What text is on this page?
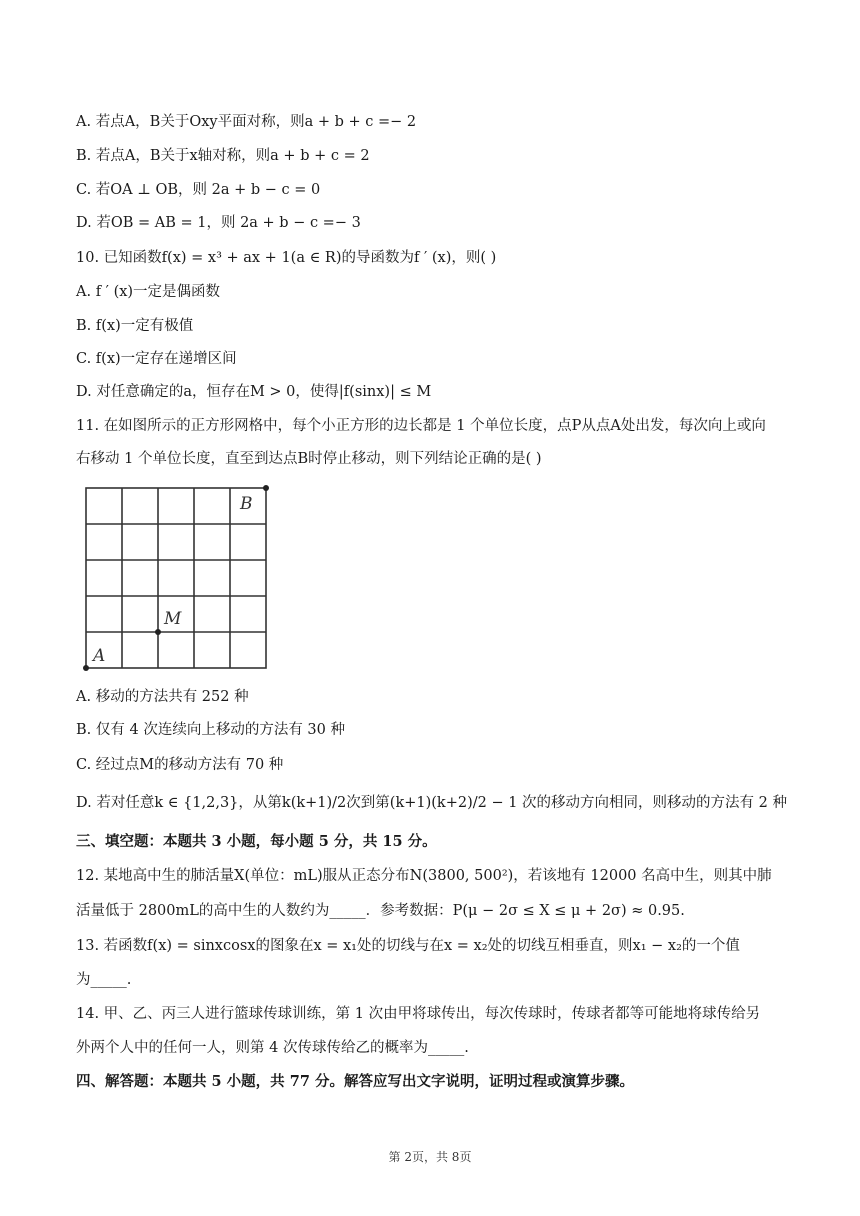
A. 若点A，B关于Oxy平面对称，则a + b + c =− 2
B. 若点A，B关于x轴对称，则a + b + c = 2
C. 若OA ⊥ OB，则 2a + b − c = 0
D. 若OB = AB = 1，则 2a + b − c =− 3
10. 已知函数f(x) = x³ + ax + 1(a ∈ R)的导函数为f ′ (x)，则( )
A. f ′ (x)一定是偶函数
B. f(x)一定有极值
C. f(x)一定存在递增区间
D. 对任意确定的a，恒存在M > 0，使得|f(sinx)| ≤ M
11. 在如图所示的正方形网格中，每个小正方形的边长都是 1 个单位长度，点P从点A处出发，每次向上或向
右移动 1 个单位长度，直至到达点B时停止移动，则下列结论正确的是( )
A
B
M
A. 移动的方法共有 252 种
B. 仅有 4 次连续向上移动的方法有 30 种
C. 经过点M的移动方法有 70 种
D. 若对任意k ∈ {1,2,3}，从第k(k+1)/2次到第(k+1)(k+2)/2 − 1 次的移动方向相同，则移动的方法有 2 种
三、填空题：本题共 3 小题，每小题 5 分，共 15 分。
12. 某地高中生的肺活量X(单位：mL)服从正态分布N(3800, 500²)，若该地有 12000 名高中生，则其中肺
活量低于 2800mL的高中生的人数约为_____．参考数据：P(μ − 2σ ≤ X ≤ μ + 2σ) ≈ 0.95.
13. 若函数f(x) = sinxcosx的图象在x = x₁处的切线与在x = x₂处的切线互相垂直，则x₁ − x₂的一个值
为_____.
14. 甲、乙、丙三人进行篮球传球训练，第 1 次由甲将球传出，每次传球时，传球者都等可能地将球传给另
外两个人中的任何一人，则第 4 次传球传给乙的概率为_____.
四、解答题：本题共 5 小题，共 77 分。解答应写出文字说明，证明过程或演算步骤。
第 2页，共 8页
